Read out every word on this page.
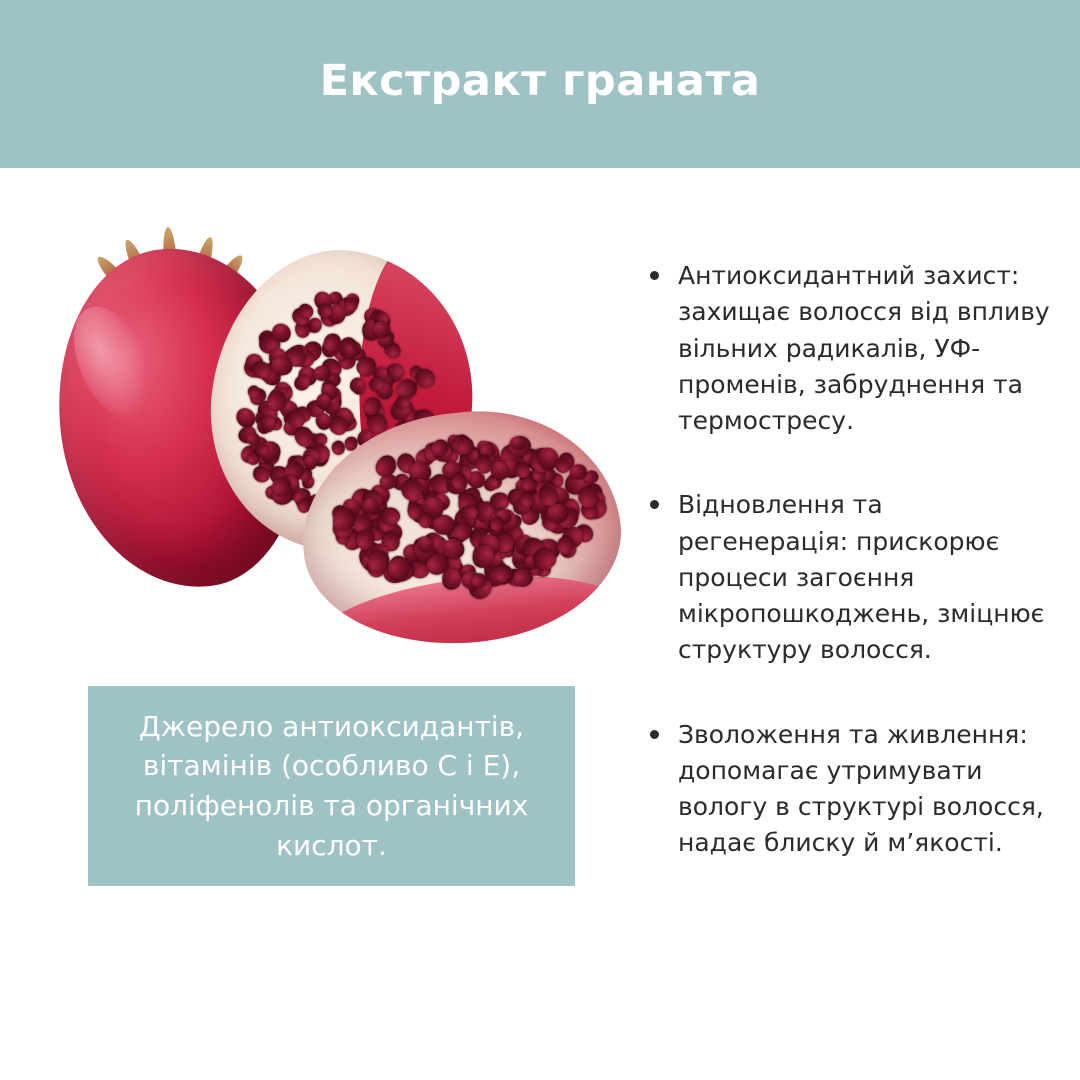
Екстракт граната
Джерело антиоксидантів, вітамінів (особливо С і Е), поліфенолів та органічних кислот.
Антиоксидантний захист: захищає волосся від впливу вільних радикалів, УФ-променів, забруднення та термостресу.
Відновлення та регенерація: прискорює процеси загоєння мікропошкоджень, зміцнює структуру волосся.
Зволоження та живлення: допомагає утримувати вологу в структурі волосся, надає блиску й м’якості.
